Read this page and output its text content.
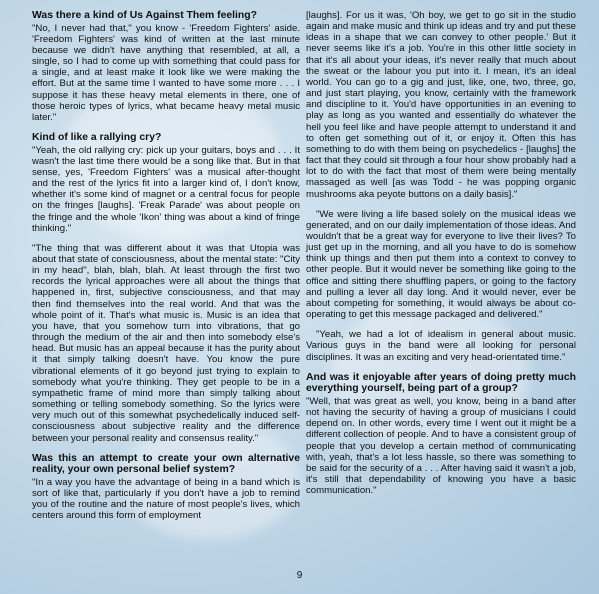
Was there a kind of Us Against Them feeling?
"No, I never had that," you know - 'Freedom Fighters' aside. 'Freedom Fighters' was kind of written at the last minute because we didn't have anything that resembled, at all, a single, so I had to come up with something that could pass for a single, and at least make it look like we were making the effort. But at the same time I wanted to have some more . . . I suppose it has these heavy metal elements in there, one of those heroic types of lyrics, what became heavy metal music later."
Kind of like a rallying cry?
"Yeah, the old rallying cry: pick up your guitars, boys and . . . It wasn't the last time there would be a song like that. But in that sense, yes, 'Freedom Fighters' was a musical after-thought and the rest of the lyrics fit into a larger kind of, I don't know, whether it's some kind of magnet or a central focus for people on the fringes [laughs]. 'Freak Parade' was about people on the fringe and the whole 'Ikon' thing was about a kind of fringe thinking."
"The thing that was different about it was that Utopia was about that state of consciousness, about the mental state: "City in my head", blah, blah, blah. At least through the first two records the lyrical approaches were all about the things that happened in, first, subjective consciousness, and that may then find themselves into the real world. And that was the whole point of it. That's what music is. Music is an idea that you have, that you somehow turn into vibrations, that go through the medium of the air and then into somebody else's head. But music has an appeal because it has the purity about it that simply talking doesn't have. You know the pure vibrational elements of it go beyond just trying to explain to somebody what you're thinking. They get people to be in a sympathetic frame of mind more than simply talking about something or telling somebody something. So the lyrics were very much out of this somewhat psychedelically induced self-consciousness about subjective reality and the difference between your personal reality and consensus reality."
Was this an attempt to create your own alternative reality, your own personal belief system?
"In a way you have the advantage of being in a band which is sort of like that, particularly if you don't have a job to remind you of the routine and the nature of most people's lives, which centers around this form of employment
[laughs]. For us it was, 'Oh boy, we get to go sit in the studio again and make music and think up ideas and try and put these ideas in a shape that we can convey to other people.' But it never seems like it's a job. You're in this other little society in that it's all about your ideas, it's never really that much about the sweat or the labour you put into it. I mean, it's an ideal world. You can go to a gig and just, like, one, two, three, go, and just start playing, you know, certainly with the framework and discipline to it. You'd have opportunities in an evening to play as long as you wanted and essentially do whatever the hell you feel like and have people attempt to understand it and to often get something out of it, or enjoy it. Often this has something to do with them being on psychedelics - [laughs] the fact that they could sit through a four hour show probably had a lot to do with the fact that most of them were being mentally massaged as well [as was Todd - he was popping organic mushrooms aka peyote buttons on a daily basis]."
"We were living a life based solely on the musical ideas we generated, and on our daily implementation of those ideas. And wouldn't that be a great way for everyone to live their lives? To just get up in the morning, and all you have to do is somehow think up things and then put them into a context to convey to other people. But it would never be something like going to the office and sitting there shuffling papers, or going to the factory and pulling a lever all day long. And it would never, ever be about competing for something, it would always be about co-operating to get this message packaged and delivered."
"Yeah, we had a lot of idealism in general about music. Various guys in the band were all looking for personal disciplines. It was an exciting and very head-orientated time."
And was it enjoyable after years of doing pretty much everything yourself, being part of a group?
"Well, that was great as well, you know, being in a band after not having the security of having a group of musicians I could depend on. In other words, every time I went out it might be a different collection of people. And to have a consistent group of people that you develop a certain method of communicating with, yeah, that's a lot less hassle, so there was something to be said for the security of a . . . After having said it wasn't a job, it's still that dependability of knowing you have a basic communication."
9
